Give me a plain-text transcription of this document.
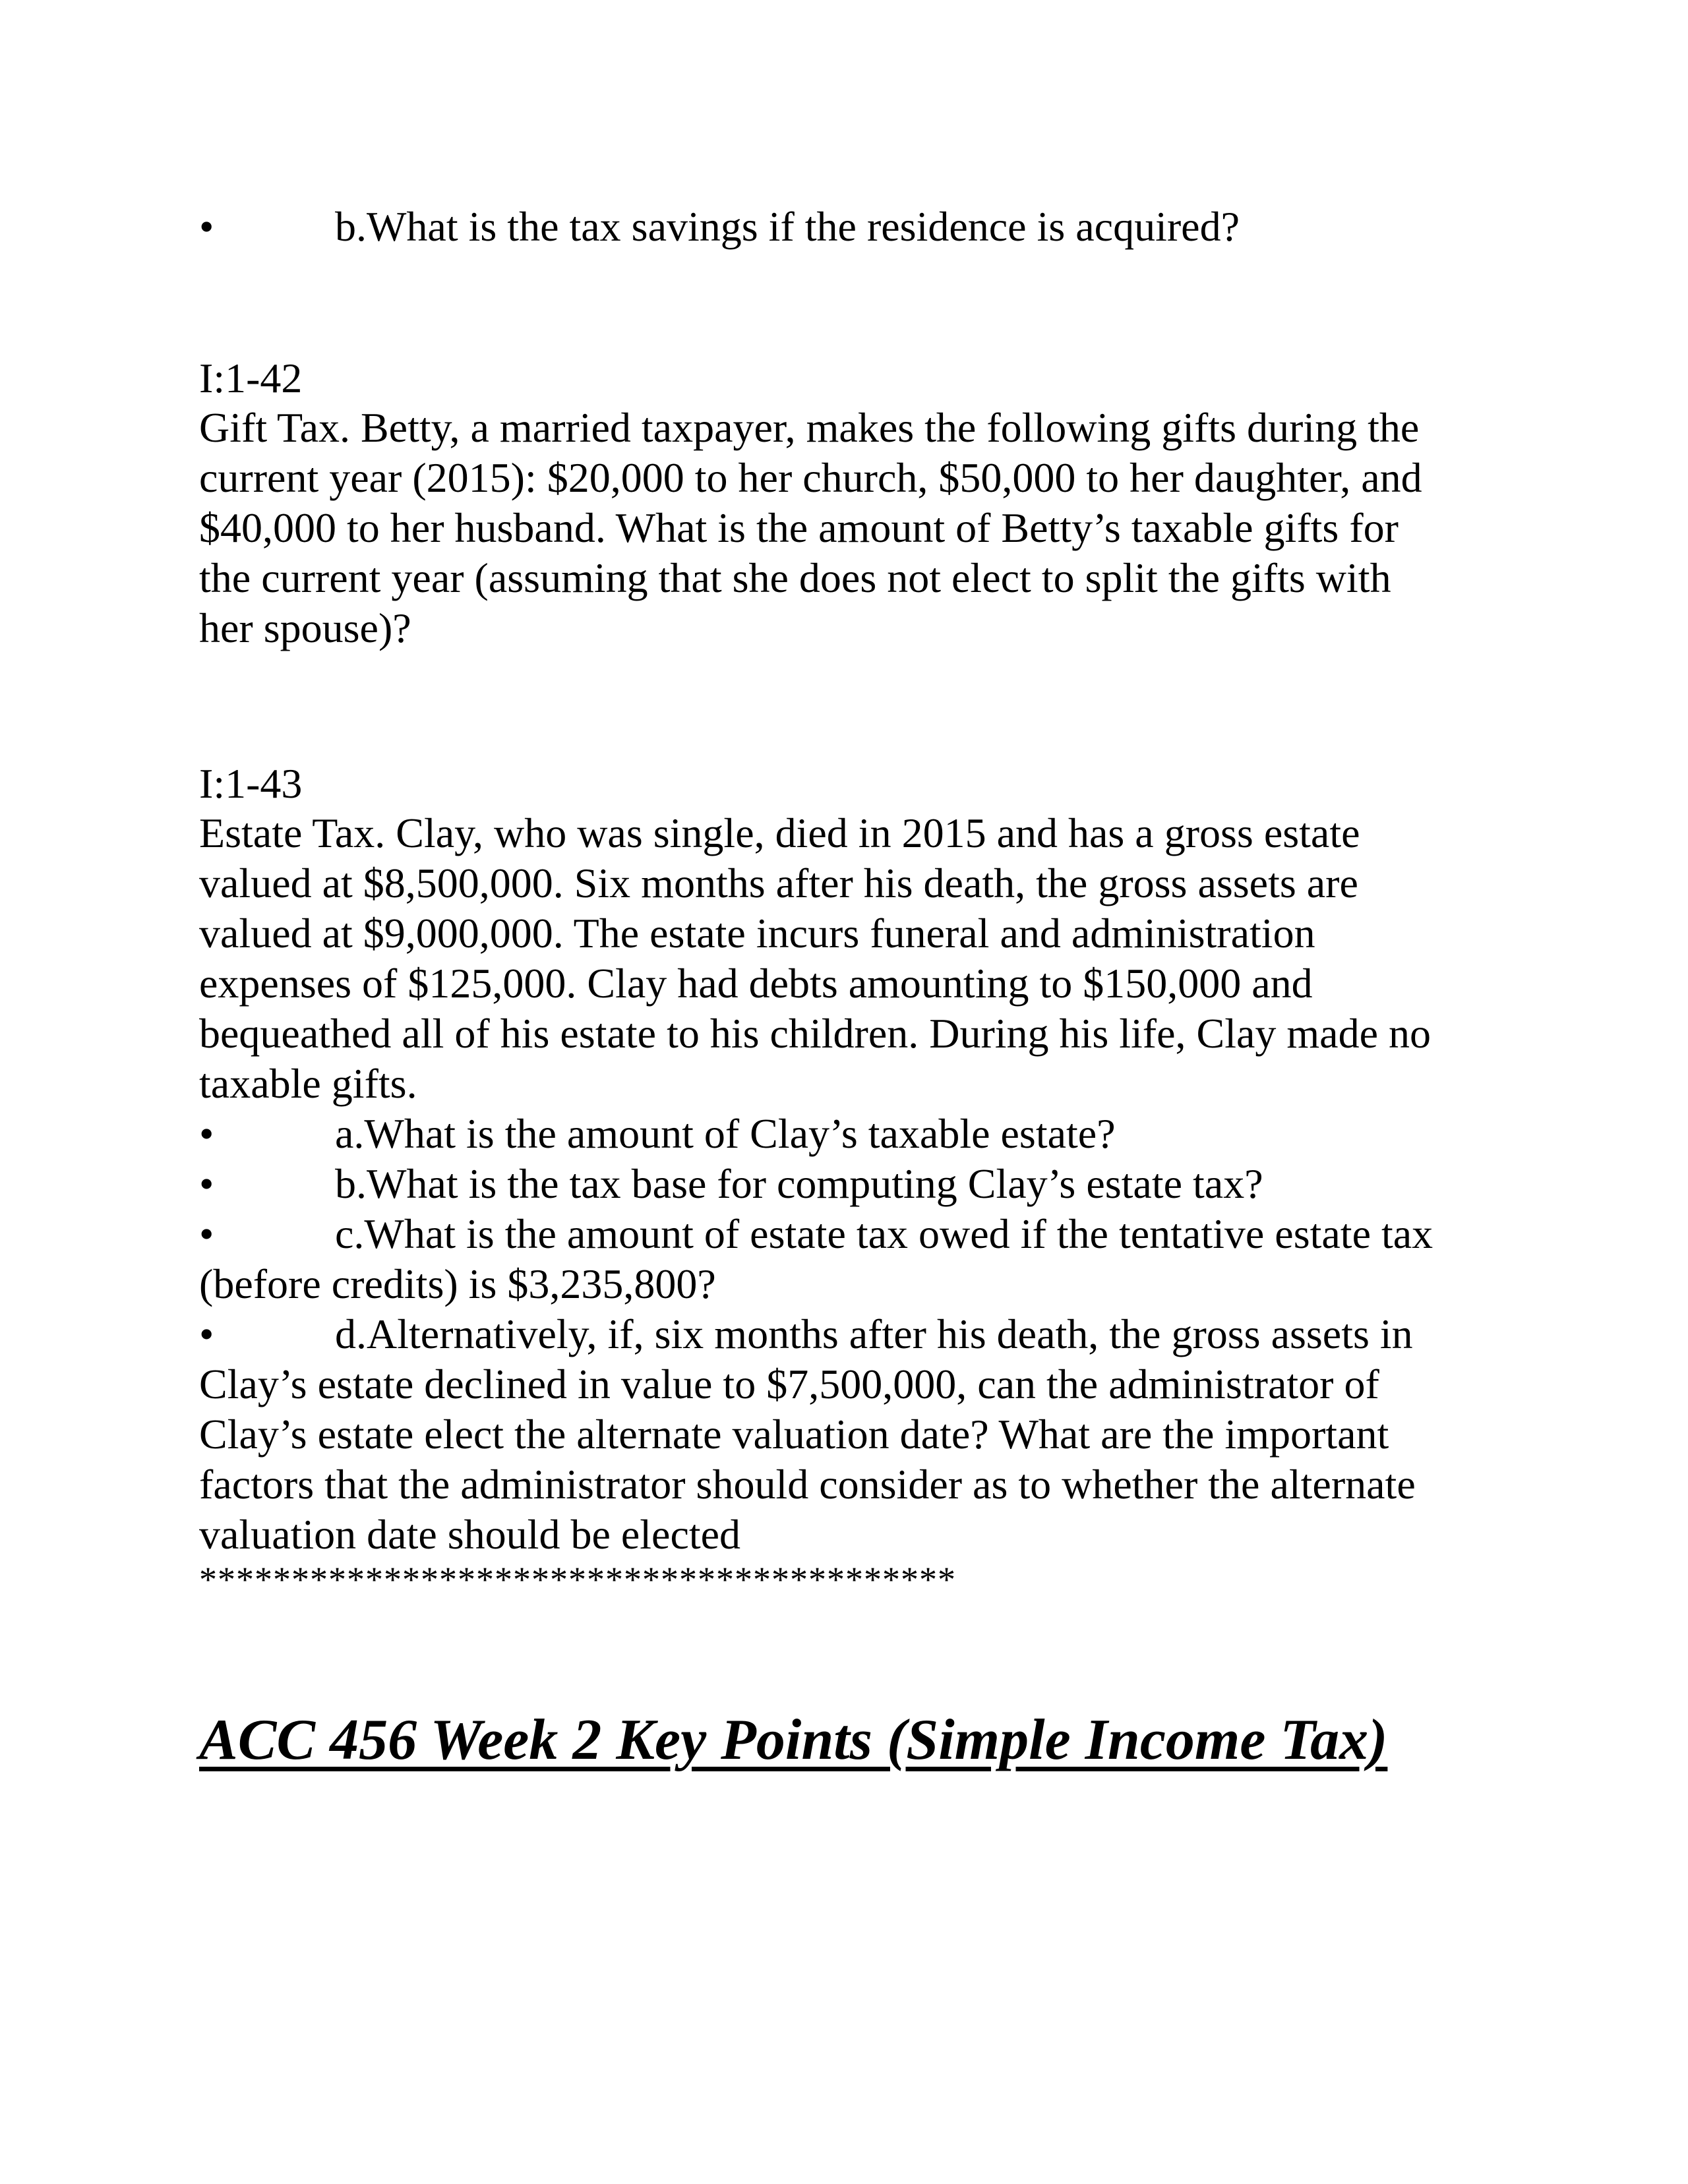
•	b.What is the tax savings if the residence is acquired?
I:1-42
Gift Tax. Betty, a married taxpayer, makes the following gifts during the
current year (2015): $20,000 to her church, $50,000 to her daughter, and
$40,000 to her husband. What is the amount of Betty’s taxable gifts for
the current year (assuming that she does not elect to split the gifts with
her spouse)?
I:1-43
Estate Tax. Clay, who was single, died in 2015 and has a gross estate
valued at $8,500,000. Six months after his death, the gross assets are
valued at $9,000,000. The estate incurs funeral and administration
expenses of $125,000. Clay had debts amounting to $150,000 and
bequeathed all of his estate to his children. During his life, Clay made no
taxable gifts.
•	a.What is the amount of Clay’s taxable estate?
•	b.What is the tax base for computing Clay’s estate tax?
•	c.What is the amount of estate tax owed if the tentative estate tax
(before credits) is $3,235,800?
•	d.Alternatively, if, six months after his death, the gross assets in
Clay’s estate declined in value to $7,500,000, can the administrator of
Clay’s estate elect the alternate valuation date? What are the important
factors that the administrator should consider as to whether the alternate
valuation date should be elected
*****************************************
ACC 456 Week 2 Key Points (Simple Income Tax)
